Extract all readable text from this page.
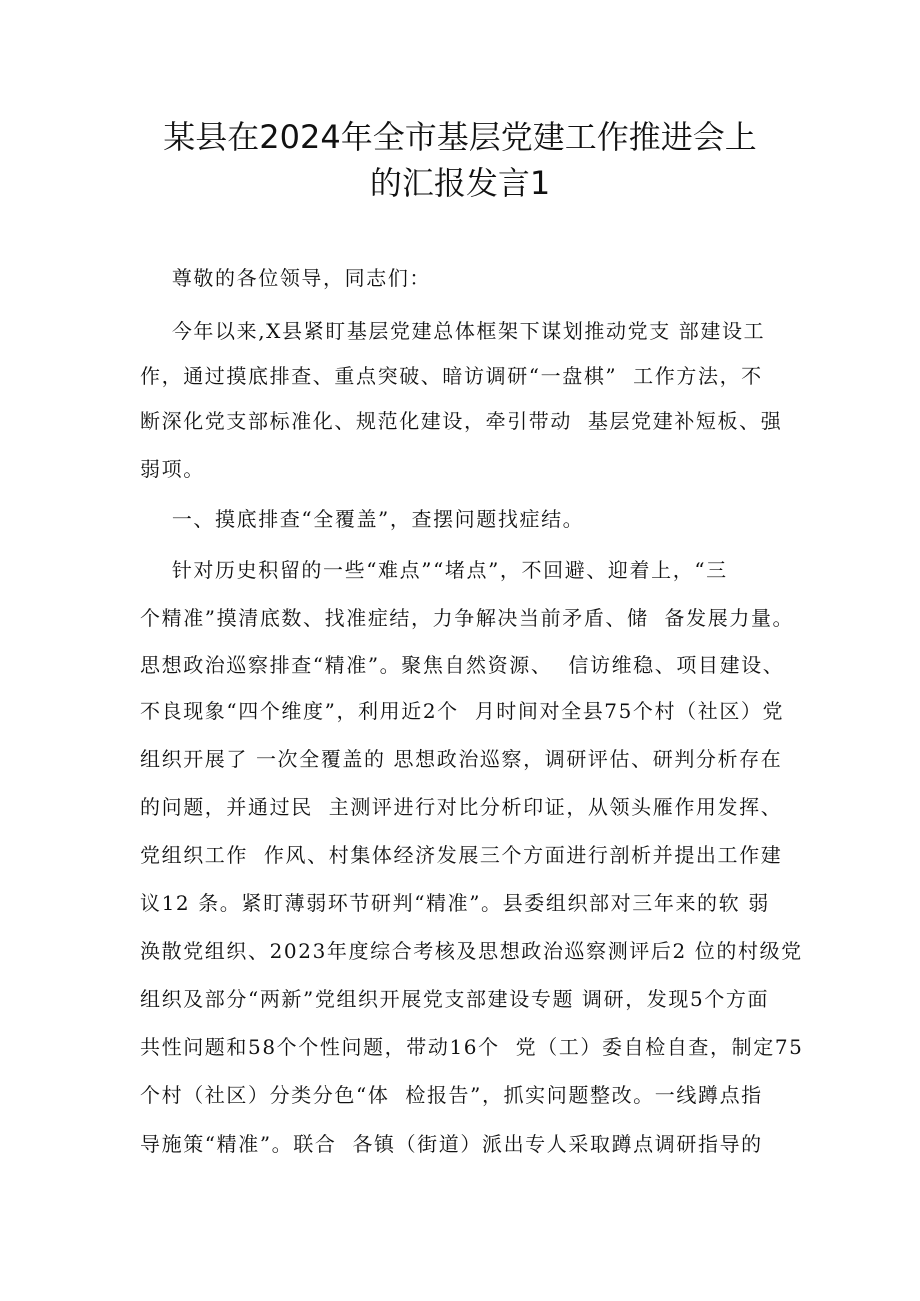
某县在2024年全市基层党建工作推进会上
的汇报发言1
尊敬的各位领导，同志们：
今年以来,X县紧盯基层党建总体框架下谋划推动党支 部建设工
作，通过摸底排查、重点突破、暗访调研“一盘棋”  工作方法，不
断深化党支部标准化、规范化建设，牵引带动  基层党建补短板、强
弱项。
一、摸底排查“全覆盖”，查摆问题找症结。
针对历史积留的一些“难点”“堵点”，不回避、迎着上，“三
个精准”摸清底数、找准症结，力争解决当前矛盾、储  备发展力量。
思想政治巡察排查“精准”。聚焦自然资源、  信访维稳、项目建设、
不良现象“四个维度”，利用近2个  月时间对全县75个村（社区）党
组织开展了 一次全覆盖的 思想政治巡察，调研评估、研判分析存在
的问题，并通过民  主测评进行对比分析印证，从领头雁作用发挥、
党组织工作  作风、村集体经济发展三个方面进行剖析并提出工作建
议12 条。紧盯薄弱环节研判“精准”。县委组织部对三年来的软 弱
涣散党组织、2023年度综合考核及思想政治巡察测评后2 位的村级党
组织及部分“两新”党组织开展党支部建设专题 调研，发现5个方面
共性问题和58个个性问题，带动16个  党（工）委自检自查，制定75
个村（社区）分类分色“体  检报告”，抓实问题整改。一线蹲点指
导施策“精准”。联合  各镇（街道）派出专人采取蹲点调研指导的
